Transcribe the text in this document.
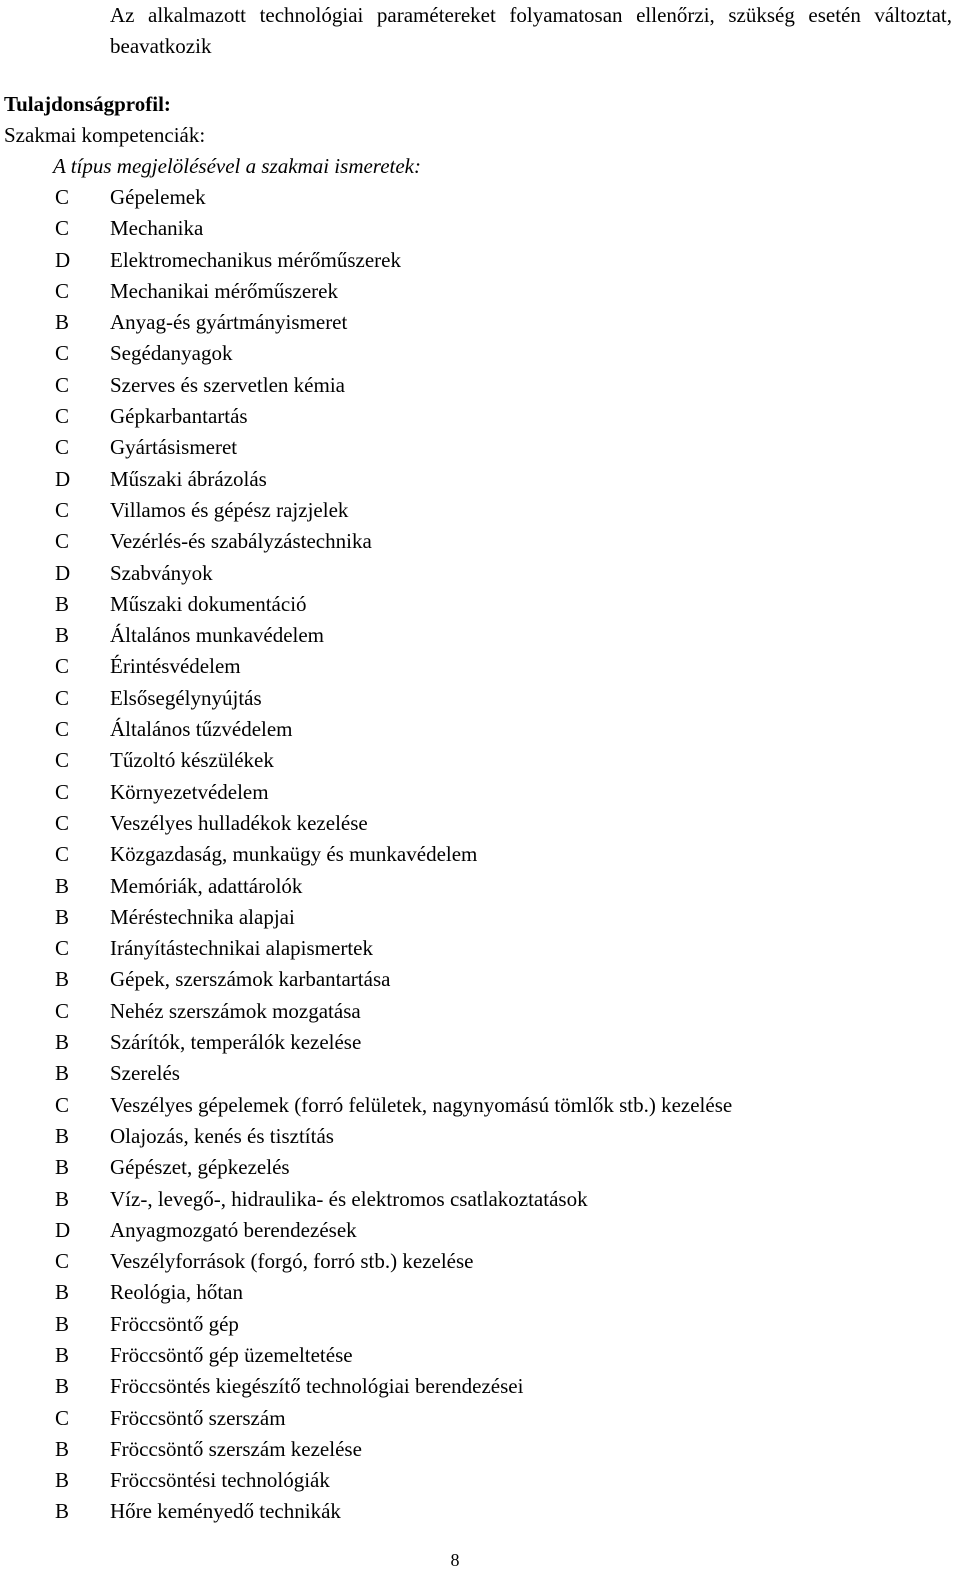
Az alkalmazott technológiai paramétereket folyamatosan ellenőrzi, szükség esetén változtat, beavatkozik
Tulajdonságprofil:
Szakmai kompetenciák:
A típus megjelölésével a szakmai ismeretek:
C Gépelemek
C Mechanika
D Elektromechanikus mérőműszerek
C Mechanikai mérőműszerek
B Anyag-és gyártmányismeret
C Segédanyagok
C Szerves és szervetlen kémia
C Gépkarbantartás
C Gyártásismeret
D Műszaki ábrázolás
C Villamos és gépész rajzjelek
C Vezérlés-és szabályzástechnika
D Szabványok
B Műszaki dokumentáció
B Általános munkavédelem
C Érintésvédelem
C Elsősegélynyújtás
C Általános tűzvédelem
C Tűzoltó készülékek
C Környezetvédelem
C Veszélyes hulladékok kezelése
C Közgazdaság, munkaügy és munkavédelem
B Memóriák, adattárolók
B Méréstechnika alapjai
C Irányítástechnikai alapismertek
B Gépek, szerszámok karbantartása
C Nehéz szerszámok mozgatása
B Szárítók, temperálók kezelése
B Szerelés
C Veszélyes gépelemek (forró felületek, nagynyomású tömlők stb.) kezelése
B Olajozás, kenés és tisztítás
B Gépészet, gépkezelés
B Víz-, levegő-, hidraulika- és elektromos csatlakoztatások
D Anyagmozgató berendezések
C Veszélyforrások (forgó, forró stb.) kezelése
B Reológia, hőtan
B Fröccsöntő gép
B Fröccsöntő gép üzemeltetése
B Fröccsöntés kiegészítő technológiai berendezései
C Fröccsöntő szerszám
B Fröccsöntő szerszám kezelése
B Fröccsöntési technológiák
B Hőre keményedő technikák
8
